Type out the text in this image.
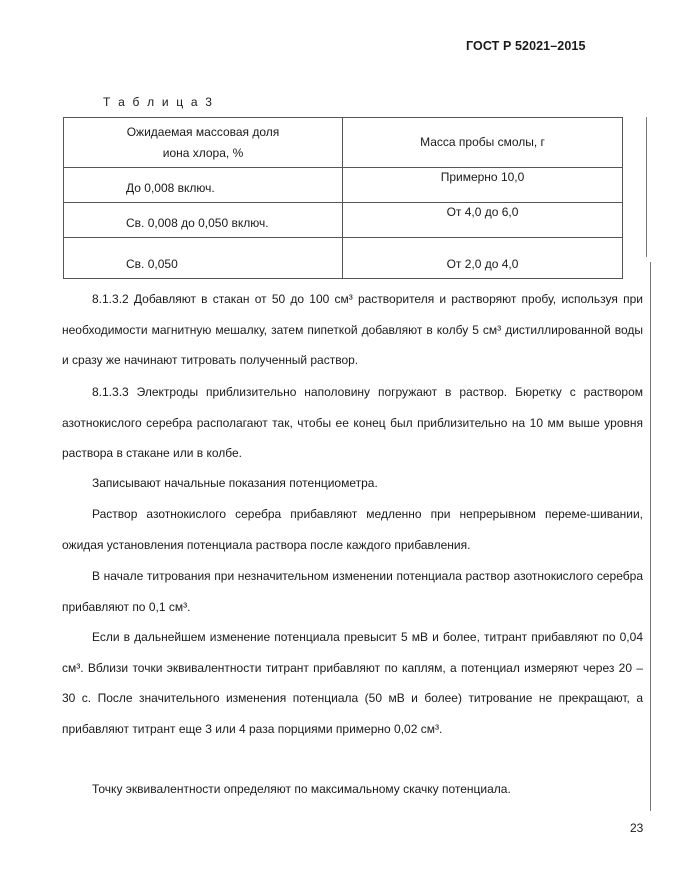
ГОСТ Р 52021–2015
Т а б л и ц а 3
Ожидаемая массовая доля
иона хлора, %	Масса пробы смолы, г
До 0,008 включ.	Примерно 10,0
Св. 0,008 до 0,050 включ.	От 4,0 до 6,0
Св. 0,050	От 2,0 до 4,0

8.1.3.2 Добавляют в стакан от 50 до 100 см³ растворителя и растворяют пробу, используя при необходимости магнитную мешалку, затем пипеткой добавляют в колбу 5 см³ дистиллированной воды и сразу же начинают титровать полученный раствор.

8.1.3.3 Электроды приблизительно наполовину погружают в раствор. Бюретку с раствором азотнокислого серебра располагают так, чтобы ее конец был приблизительно на 10 мм выше уровня раствора в стакане или в колбе.

Записывают начальные показания потенциометра.

Раствор азотнокислого серебра прибавляют медленно при непрерывном переме-шивании, ожидая установления потенциала раствора после каждого прибавления.

В начале титрования при незначительном изменении потенциала раствор азотнокислого серебра прибавляют по 0,1 см³.

Если в дальнейшем изменение потенциала превысит 5 мВ и более, титрант прибавляют по 0,04 см³. Вблизи точки эквивалентности титрант прибавляют по каплям, а потенциал измеряют через 20 – 30 с. После значительного изменения потенциала (50 мВ и более) титрование не прекращают, а прибавляют титрант еще 3 или 4 раза порциями примерно 0,02 см³.

Точку эквивалентности определяют по максимальному скачку потенциала.

23
